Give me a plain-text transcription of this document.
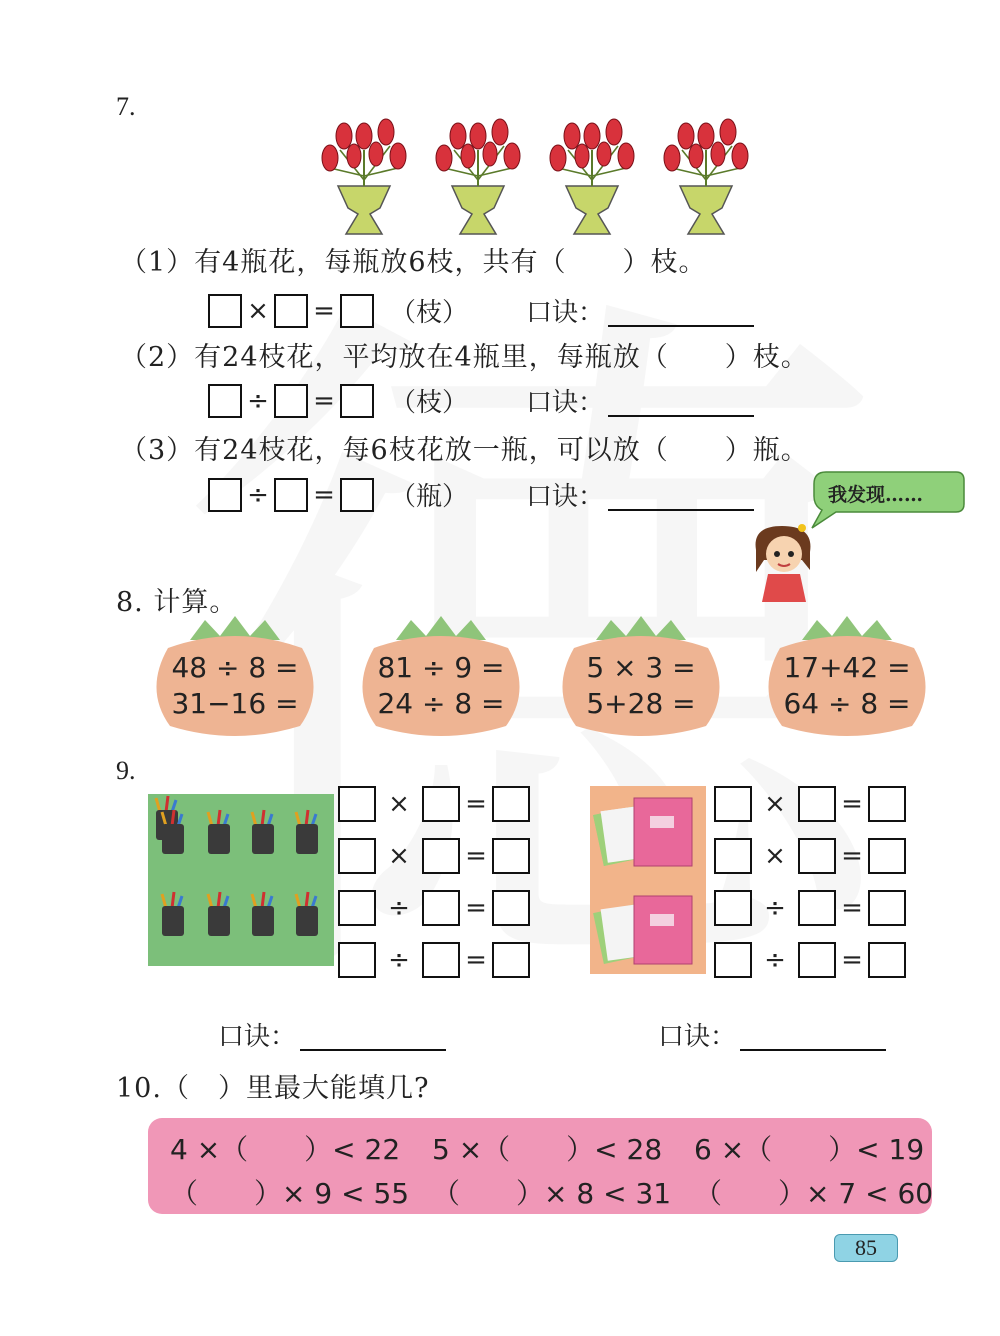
7.
（1）有4瓶花，每瓶放6枝，共有（　　）枝。
× = （枝） 口诀：
（2）有24枝花，平均放在4瓶里，每瓶放（　　）枝。
÷ = （枝） 口诀：
（3）有24枝花，每6枝花放一瓶，可以放（　　）瓶。
÷ = （瓶） 口诀：	我发现……
8. 计算。
48 ÷ 8 =
31−16 =
81 ÷ 9 =
24 ÷ 8 =
5 × 3 =
5+28 =
17+42 =
64 ÷ 8 =
9.
×	=
×	=
÷	=
÷	=
×	=
×	=
÷	=
÷	=
口诀：	口诀：
10.（　）里最大能填几?
4 ×（　　）< 22 5 ×（　　）< 28 6 ×（　　）< 19
（　　）× 9 < 55 （　　）× 8 < 31 （　　）× 7 < 60
85
